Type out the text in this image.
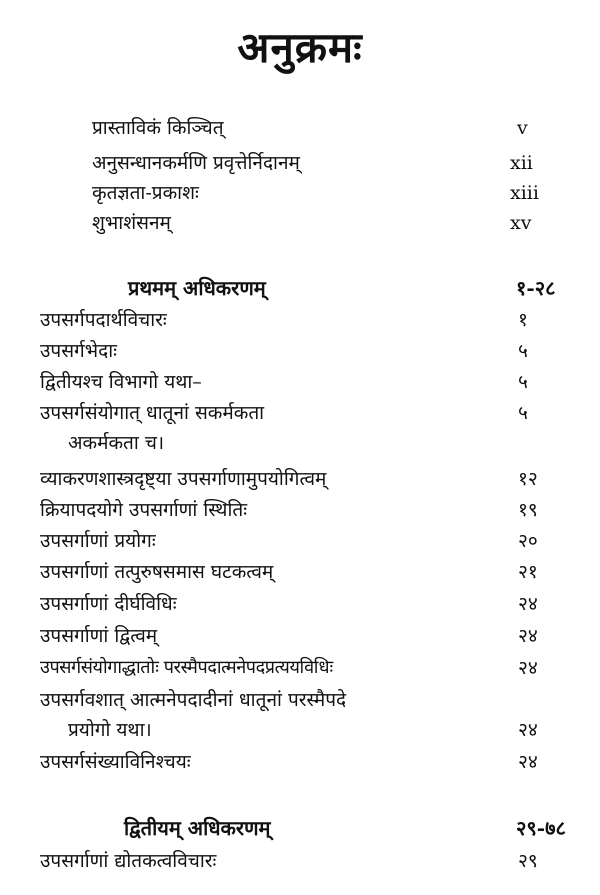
अनुक्रमः
प्रास्ताविकं किञ्चित्	v
अनुसन्धानकर्मणि प्रवृत्तेर्निदानम्	xii
कृतज्ञता-प्रकाशः	xiii
शुभाशंसनम्	xv
प्रथमम् अधिकरणम्	१-२८
उपसर्गपदार्थविचारः	१
उपसर्गभेदाः	५
द्वितीयश्च विभागो यथा–	५
उपसर्गसंयोगात् धातूनां सकर्मकता	५
अकर्मकता च।
व्याकरणशास्त्रदृष्ट्या उपसर्गाणामुपयोगित्वम्	१२
क्रियापदयोगे उपसर्गाणां स्थितिः	१९
उपसर्गाणां प्रयोगः	२०
उपसर्गाणां तत्पुरुषसमास घटकत्वम्	२१
उपसर्गाणां दीर्घविधिः	२४
उपसर्गाणां द्वित्वम्	२४
उपसर्गसंयोगाद्धातोः परस्मैपदात्मनेपदप्रत्ययविधिः	२४
उपसर्गवशात् आत्मनेपदादीनां धातूनां परस्मैपदे
प्रयोगो यथा।	२४
उपसर्गसंख्याविनिश्चयः	२४
द्वितीयम् अधिकरणम्	२९-७८
उपसर्गाणां द्योतकत्वविचारः	२९
